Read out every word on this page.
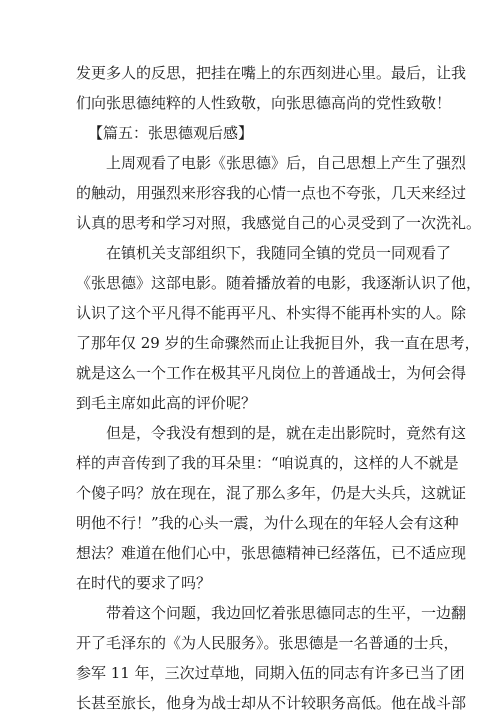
发更多人的反思，把挂在嘴上的东西刻进心里。最后，让我
们向张思德纯粹的人性致敬，向张思德高尚的党性致敬！
【篇五：张思德观后感】
上周观看了电影《张思德》后，自己思想上产生了强烈
的触动，用强烈来形容我的心情一点也不夸张，几天来经过
认真的思考和学习对照，我感觉自己的心灵受到了一次洗礼。
在镇机关支部组织下，我随同全镇的党员一同观看了
《张思德》这部电影。随着播放着的电影，我逐渐认识了他，
认识了这个平凡得不能再平凡、朴实得不能再朴实的人。除
了那年仅 29 岁的生命骤然而止让我扼目外，我一直在思考，
就是这么一个工作在极其平凡岗位上的普通战士，为何会得
到毛主席如此高的评价呢？
但是，令我没有想到的是，就在走出影院时，竟然有这
样的声音传到了我的耳朵里：“咱说真的，这样的人不就是
个傻子吗？放在现在，混了那么多年，仍是大头兵，这就证
明他不行！”我的心头一震，为什么现在的年轻人会有这种
想法？难道在他们心中，张思德精神已经落伍，已不适应现
在时代的要求了吗？
带着这个问题，我边回忆着张思德同志的生平，一边翻
开了毛泽东的《为人民服务》。张思德是一名普通的士兵，
参军 11 年，三次过草地，同期入伍的同志有许多已当了团
长甚至旅长，他身为战士却从不计较职务高低。他在战斗部
